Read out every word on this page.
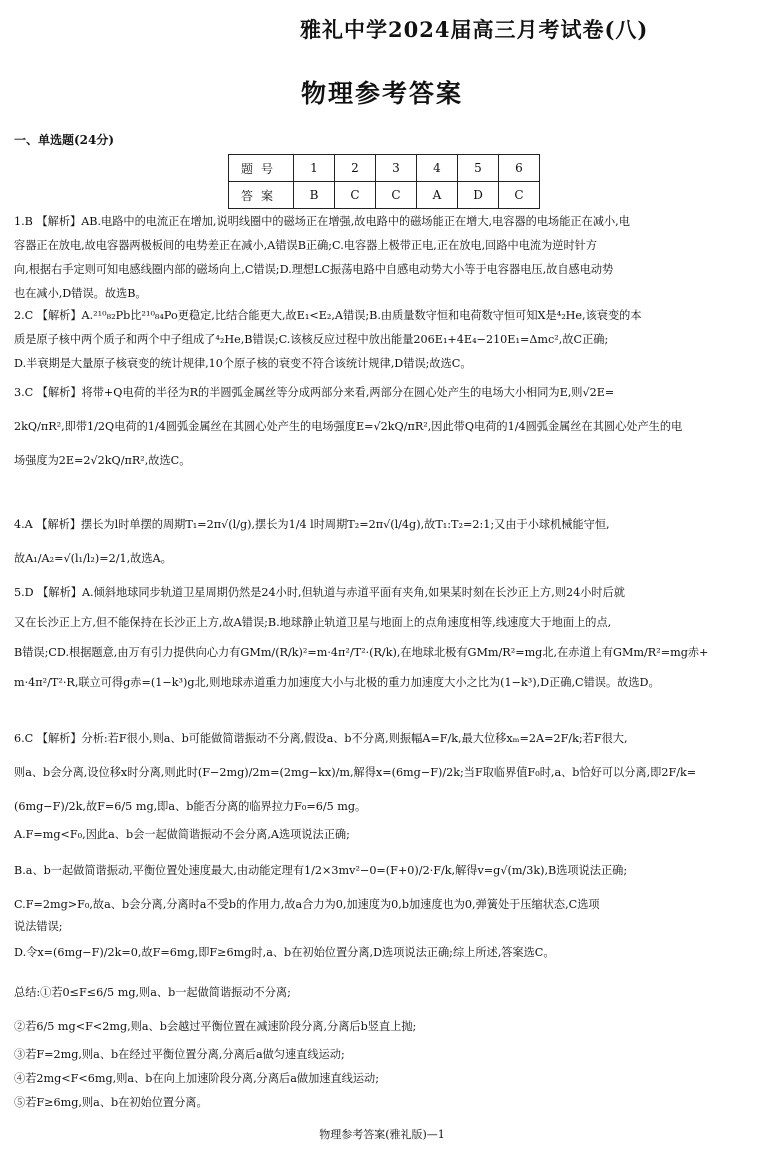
雅礼中学2024届高三月考试卷(八)
物理参考答案
一、单选题(24分)
题号	1	2	3	4	5	6
答案	B	C	C	A	D	C
1.B 【解析】AB.电路中的电流正在增加,说明线圈中的磁场正在增强,故电路中的磁场能正在增大,电容器的电场能正在减小,电
容器正在放电,故电容器两极板间的电势差正在减小,A错误B正确;C.电容器上极带正电,正在放电,回路中电流为逆时针方
向,根据右手定则可知电感线圈内部的磁场向上,C错误;D.理想LC振荡电路中自感电动势大小等于电容器电压,故自感电动势
也在减小,D错误。故选B。
2.C 【解析】A.²¹⁰₈₂Pb比²¹⁰₈₄Po更稳定,比结合能更大,故E₁<E₂,A错误;B.由质量数守恒和电荷数守恒可知X是⁴₂He,该衰变的本
质是原子核中两个质子和两个中子组成了⁴₂He,B错误;C.该核反应过程中放出能量206E₁+4E₄−210E₁=Δmc²,故C正确;
D.半衰期是大量原子核衰变的统计规律,10个原子核的衰变不符合该统计规律,D错误;故选C。
3.C 【解析】将带+Q电荷的半径为R的半圆弧金属丝等分成两部分来看,两部分在圆心处产生的电场大小相同为E,则√2E=
2kQ/πR²,即带1/2Q电荷的1/4圆弧金属丝在其圆心处产生的电场强度E=√2kQ/πR²,因此带Q电荷的1/4圆弧金属丝在其圆心处产生的电
场强度为2E=2√2kQ/πR²,故选C。
4.A 【解析】摆长为l时单摆的周期T₁=2π√(l/g),摆长为1/4 l时周期T₂=2π√(l/4g),故T₁:T₂=2:1;又由于小球机械能守恒,
故A₁/A₂=√(l₁/l₂)=2/1,故选A。
5.D 【解析】A.倾斜地球同步轨道卫星周期仍然是24小时,但轨道与赤道平面有夹角,如果某时刻在长沙正上方,则24小时后就
又在长沙正上方,但不能保持在长沙正上方,故A错误;B.地球静止轨道卫星与地面上的点角速度相等,线速度大于地面上的点,
B错误;CD.根据题意,由万有引力提供向心力有GMm/(R/k)²=m·4π²/T²·(R/k),在地球北极有GMm/R²=mg北,在赤道上有GMm/R²=mg赤+
m·4π²/T²·R,联立可得g赤=(1−k³)g北,则地球赤道重力加速度大小与北极的重力加速度大小之比为(1−k³),D正确,C错误。故选D。
6.C 【解析】分析:若F很小,则a、b可能做简谐振动不分离,假设a、b不分离,则振幅A=F/k,最大位移xₘ=2A=2F/k;若F很大,
则a、b会分离,设位移x时分离,则此时(F−2mg)/2m=(2mg−kx)/m,解得x=(6mg−F)/2k;当F取临界值F₀时,a、b恰好可以分离,即2F/k=
(6mg−F)/2k,故F=6/5 mg,即a、b能否分离的临界拉力F₀=6/5 mg。
A.F=mg<F₀,因此a、b会一起做简谐振动不会分离,A选项说法正确;
B.a、b一起做简谐振动,平衡位置处速度最大,由动能定理有1/2×3mv²−0=(F+0)/2·F/k,解得v=g√(m/3k),B选项说法正确;
C.F=2mg>F₀,故a、b会分离,分离时a不受b的作用力,故a合力为0,加速度为0,b加速度也为0,弹簧处于压缩状态,C选项
说法错误;
D.令x=(6mg−F)/2k=0,故F=6mg,即F≥6mg时,a、b在初始位置分离,D选项说法正确;综上所述,答案选C。
总结:①若0≤F≤6/5 mg,则a、b一起做简谐振动不分离;
②若6/5 mg<F<2mg,则a、b会越过平衡位置在减速阶段分离,分离后b竖直上抛;
③若F=2mg,则a、b在经过平衡位置分离,分离后a做匀速直线运动;
④若2mg<F<6mg,则a、b在向上加速阶段分离,分离后a做加速直线运动;
⑤若F≥6mg,则a、b在初始位置分离。
物理参考答案(雅礼版)—1
